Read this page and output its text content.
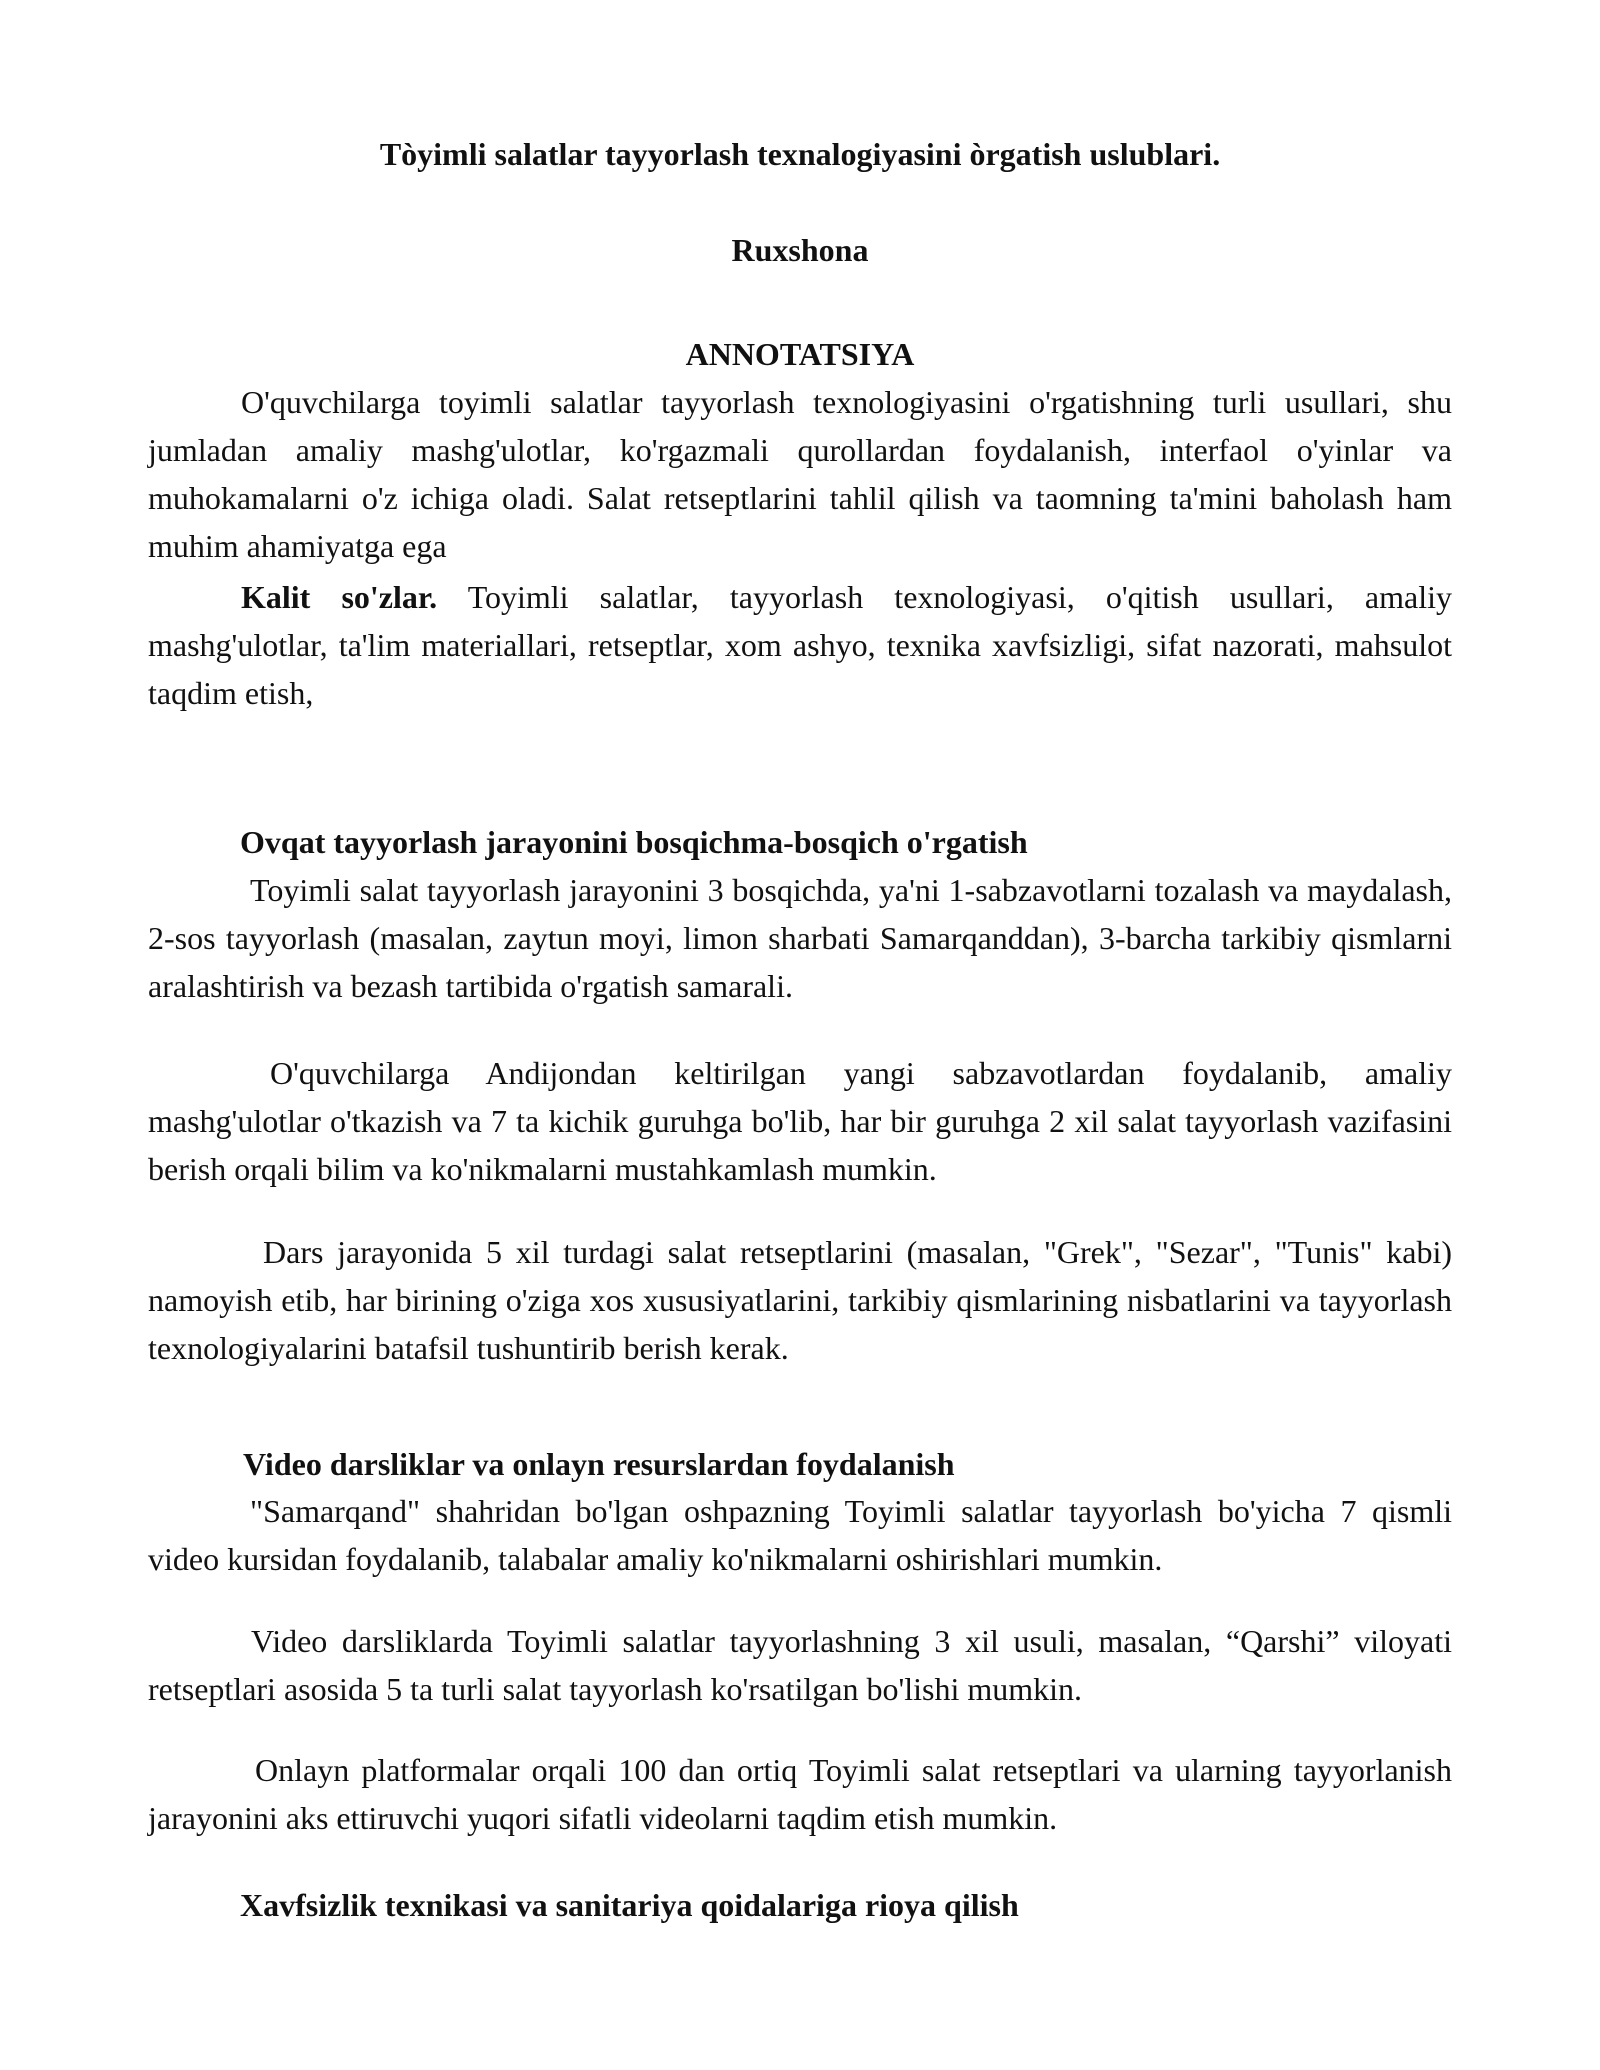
Tòyimli salatlar tayyorlash texnalogiyasini òrgatish uslublari.
Ruxshona
ANNOTATSIYA
O'quvchilarga toyimli salatlar tayyorlash texnologiyasini o'rgatishning turli usullari, shu jumladan amaliy mashg'ulotlar, ko'rgazmali qurollardan foydalanish, interfaol o'yinlar va muhokamalarni o'z ichiga oladi. Salat retseptlarini tahlil qilish va taomning ta'mini baholash ham muhim ahamiyatga ega
Kalit so'zlar. Toyimli salatlar, tayyorlash texnologiyasi, o'qitish usullari, amaliy mashg'ulotlar, ta'lim materiallari, retseptlar, xom ashyo, texnika xavfsizligi, sifat nazorati, mahsulot taqdim etish,
Ovqat tayyorlash jarayonini bosqichma-bosqich o'rgatish
Toyimli salat tayyorlash jarayonini 3 bosqichda, ya'ni 1-sabzavotlarni tozalash va maydalash, 2-sos tayyorlash (masalan, zaytun moyi, limon sharbati Samarqanddan), 3-barcha tarkibiy qismlarni aralashtirish va bezash tartibida o'rgatish samarali.
O'quvchilarga Andijondan keltirilgan yangi sabzavotlardan foydalanib, amaliy mashg'ulotlar o'tkazish va 7 ta kichik guruhga bo'lib, har bir guruhga 2 xil salat tayyorlash vazifasini berish orqali bilim va ko'nikmalarni mustahkamlash mumkin.
Dars jarayonida 5 xil turdagi salat retseptlarini (masalan, "Grek", "Sezar", "Tunis" kabi) namoyish etib, har birining o'ziga xos xususiyatlarini, tarkibiy qismlarining nisbatlarini va tayyorlash texnologiyalarini batafsil tushuntirib berish kerak.
Video darsliklar va onlayn resurslardan foydalanish
"Samarqand" shahridan bo'lgan oshpazning Toyimli salatlar tayyorlash bo'yicha 7 qismli video kursidan foydalanib, talabalar amaliy ko'nikmalarni oshirishlari mumkin.
Video darsliklarda Toyimli salatlar tayyorlashning 3 xil usuli, masalan, “Qarshi” viloyati retseptlari asosida 5 ta turli salat tayyorlash ko'rsatilgan bo'lishi mumkin.
Onlayn platformalar orqali 100 dan ortiq Toyimli salat retseptlari va ularning tayyorlanish jarayonini aks ettiruvchi yuqori sifatli videolarni taqdim etish mumkin.
Xavfsizlik texnikasi va sanitariya qoidalariga rioya qilish
